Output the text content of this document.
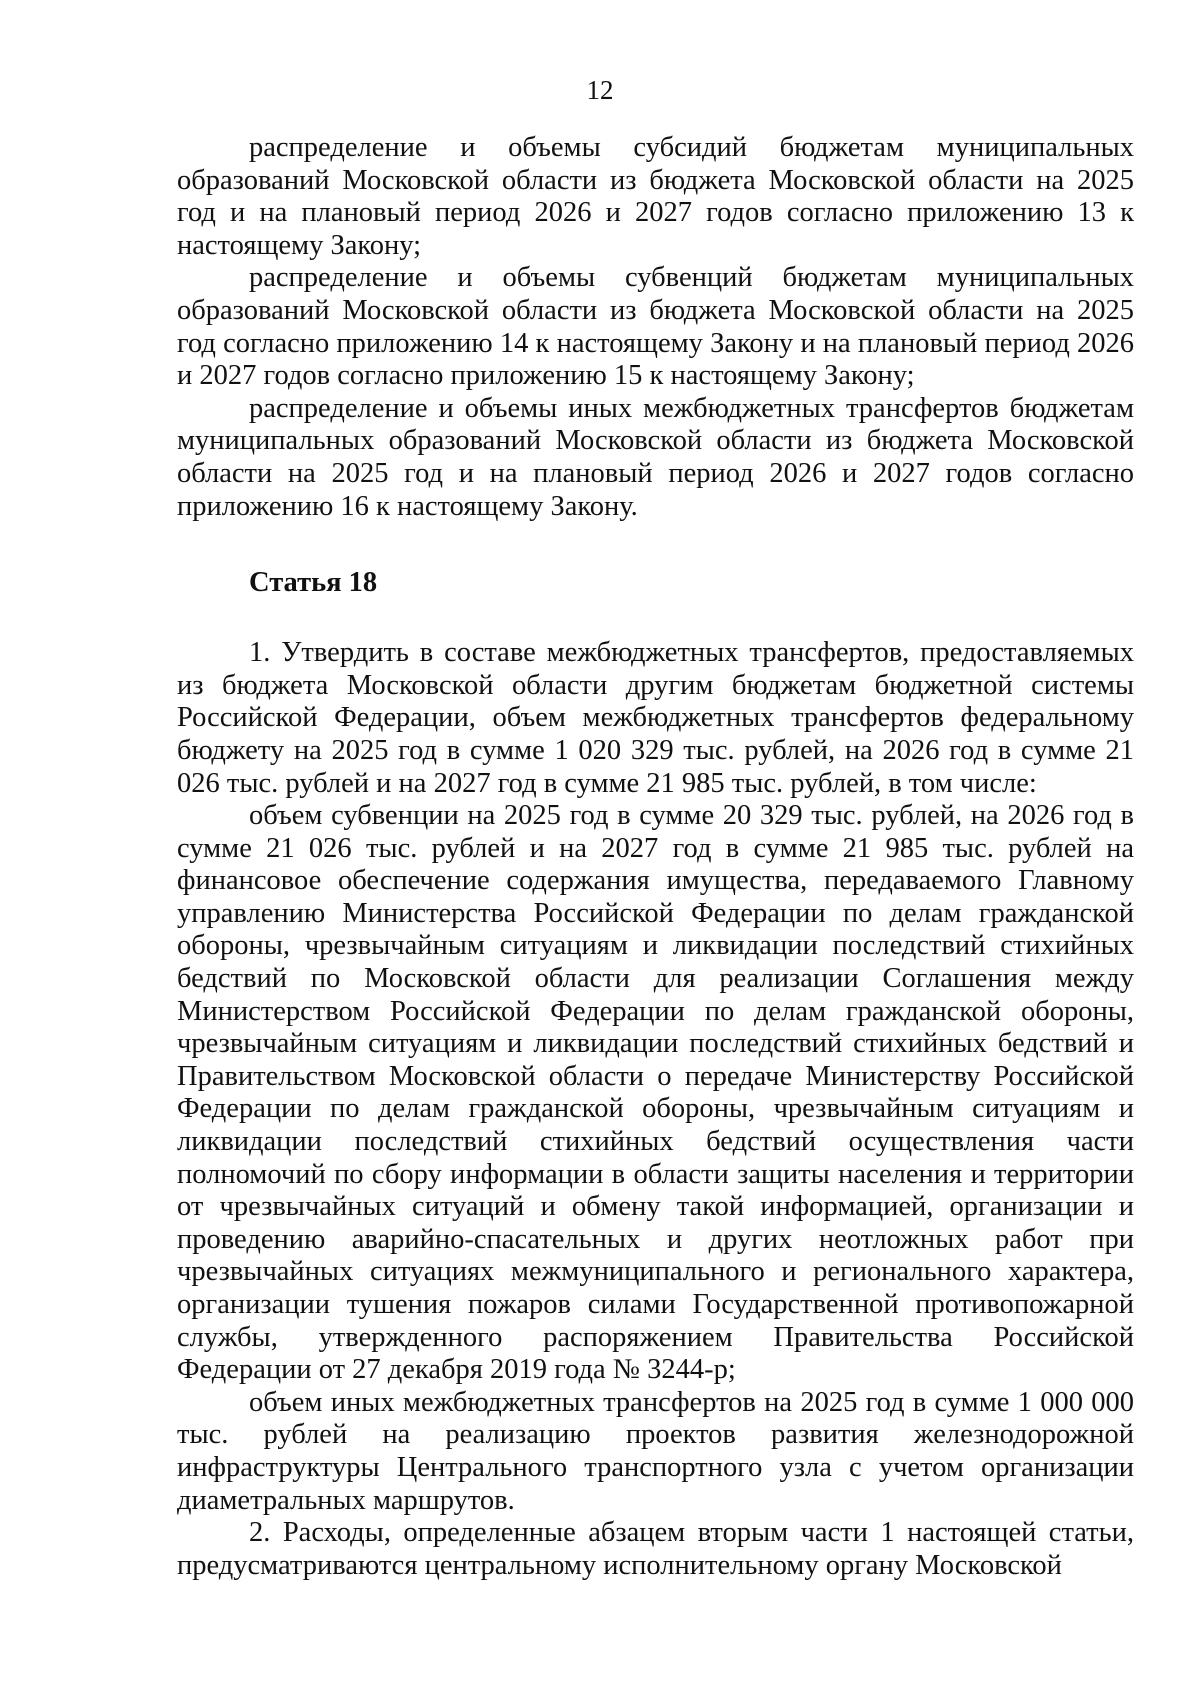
12

распределение и объемы субсидий бюджетам муниципальных образований Московской области из бюджета Московской области на 2025 год и на плановый период 2026 и 2027 годов согласно приложению 13 к настоящему Закону;

распределение и объемы субвенций бюджетам муниципальных образований Московской области из бюджета Московской области на 2025 год согласно приложению 14 к настоящему Закону и на плановый период 2026 и 2027 годов согласно приложению 15 к настоящему Закону;

распределение и объемы иных межбюджетных трансфертов бюджетам муниципальных образований Московской области из бюджета Московской области на 2025 год и на плановый период 2026 и 2027 годов согласно приложению 16 к настоящему Закону.

Статья 18

1. Утвердить в составе межбюджетных трансфертов, предоставляемых из бюджета Московской области другим бюджетам бюджетной системы Российской Федерации, объем межбюджетных трансфертов федеральному бюджету на 2025 год в сумме 1 020 329 тыс. рублей, на 2026 год в сумме 21 026 тыс. рублей и на 2027 год в сумме 21 985 тыс. рублей, в том числе:

объем субвенции на 2025 год в сумме 20 329 тыс. рублей, на 2026 год в сумме 21 026 тыс. рублей и на 2027 год в сумме 21 985 тыс. рублей на финансовое обеспечение содержания имущества, передаваемого Главному управлению Министерства Российской Федерации по делам гражданской обороны, чрезвычайным ситуациям и ликвидации последствий стихийных бедствий по Московской области для реализации Соглашения между Министерством Российской Федерации по делам гражданской обороны, чрезвычайным ситуациям и ликвидации последствий стихийных бедствий и Правительством Московской области о передаче Министерству Российской Федерации по делам гражданской обороны, чрезвычайным ситуациям и ликвидации последствий стихийных бедствий осуществления части полномочий по сбору информации в области защиты населения и территории от чрезвычайных ситуаций и обмену такой информацией, организации и проведению аварийно-спасательных и других неотложных работ при чрезвычайных ситуациях межмуниципального и регионального характера, организации тушения пожаров силами Государственной противопожарной службы, утвержденного распоряжением Правительства Российской Федерации от 27 декабря 2019 года № 3244-р;

объем иных межбюджетных трансфертов на 2025 год в сумме 1 000 000 тыс. рублей на реализацию проектов развития железнодорожной инфраструктуры Центрального транспортного узла с учетом организации диаметральных маршрутов.

2. Расходы, определенные абзацем вторым части 1 настоящей статьи, предусматриваются центральному исполнительному органу Московской
